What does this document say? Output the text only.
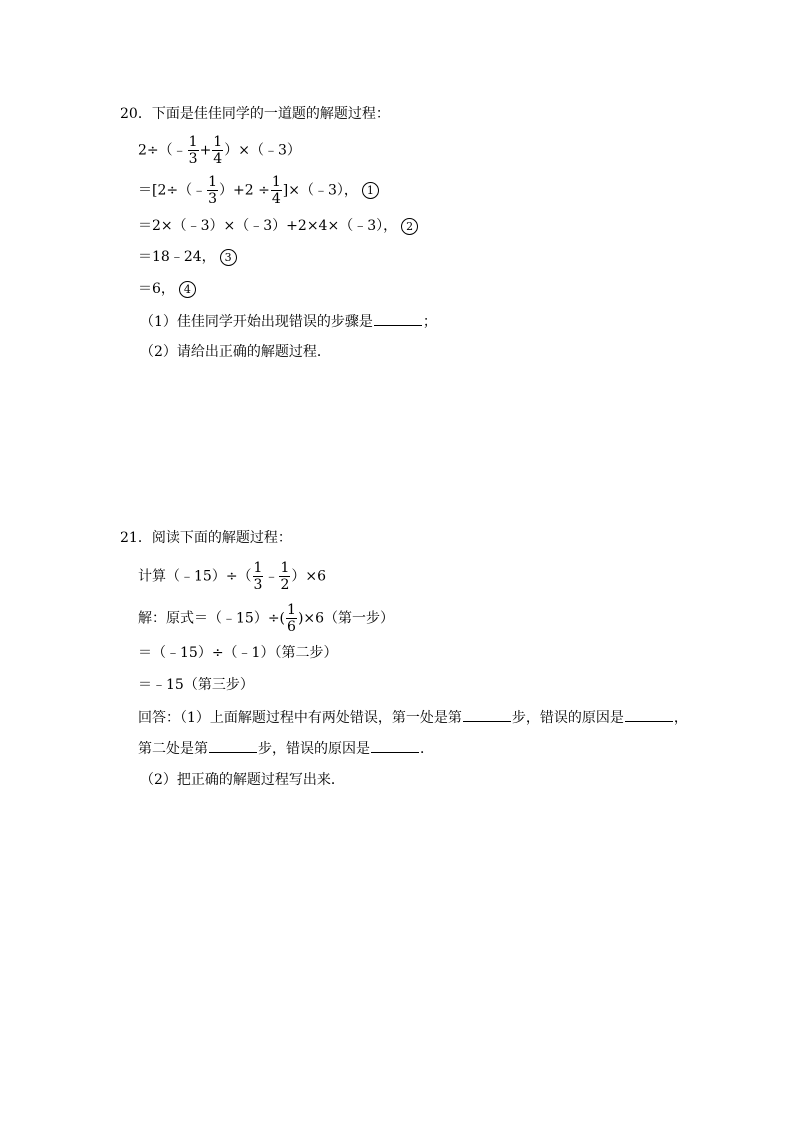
20．下面是佳佳同学的一道题的解题过程：
2÷（﹣ $\frac{1}{3} + \frac{1}{4}$ ）×（﹣3）
＝[2÷（﹣ $\frac{1}{3} )+2 \div \frac{1}{4}$ ]×（﹣3）， 1
＝2×（﹣3）×（﹣3）+2×4×（﹣3）， 2
＝18﹣24， 3
＝6， 4
（1）佳佳同学开始出现错误的步骤是	；
（2）请给出正确的解题过程．
21．阅读下面的解题过程：
计算（﹣15）÷（ $\frac{1}{3}$ ﹣ $\frac{1}{2} )\times 6$
解：原式＝（﹣15）÷( $\frac{1}{6} )\times 6$（第一步）
＝（﹣15）÷（﹣1）（第二步）
＝﹣15（第三步）
回答：（1）上面解题过程中有两处错误，第一处是第	步，错误的原因是	，
第二处是第	步，错误的原因是	．
（2）把正确的解题过程写出来．
